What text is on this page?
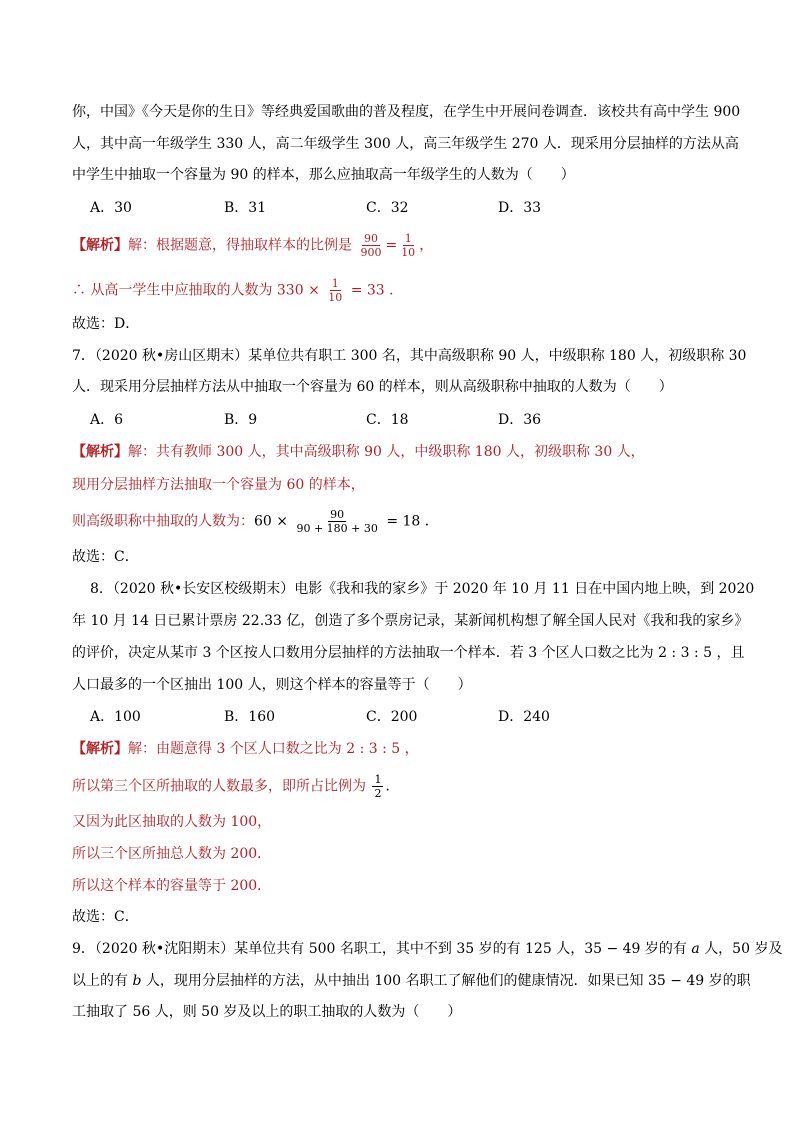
你，中国》《今天是你的生日》等经典爱国歌曲的普及程度，在学生中开展问卷调查．该校共有高中学生 900
人，其中高一年级学生 330 人，高二年级学生 300 人，高三年级学生 270 人．现采用分层抽样的方法从高
中学生中抽取一个容量为 90 的样本，那么应抽取高一年级学生的人数为（　　）
A．30	B．31	C．32	D．33
【解析】解：根据题意，得抽取样本的比例是 $\frac{90}{900} = \frac{1}{10}$ ，
∴ 从高一学生中应抽取的人数为 $330 \times \frac{1}{10} = 33$ ．
故选：D．
7．（2020 秋•房山区期末）某单位共有职工 300 名，其中高级职称 90 人，中级职称 180 人，初级职称 30
人．现采用分层抽样方法从中抽取一个容量为 60 的样本，则从高级职称中抽取的人数为（　　）
A．6	B．9	C．18	D．36
【解析】解：共有教师 300 人，其中高级职称 90 人，中级职称 180 人，初级职称 30 人，
现用分层抽样方法抽取一个容量为 60 的样本，
则高级职称中抽取的人数为：$60 \times \frac{90}{90 + 180 + 30} = 18$ ．
故选：C．
8．（2020 秋•长安区校级期末）电影《我和我的家乡》于 2020 年 10 月 11 日在中国内地上映，到 2020
年 10 月 14 日已累计票房 22.33 亿，创造了多个票房记录，某新闻机构想了解全国人民对《我和我的家乡》
的评价，决定从某市 3 个区按人口数用分层抽样的方法抽取一个样本．若 3 个区人口数之比为 2 : 3 : 5 ，且
人口最多的一个区抽出 100 人，则这个样本的容量等于（　　）
A．100	B．160	C．200	D．240
【解析】解：由题意得 3 个区人口数之比为 2 : 3 : 5 ，
所以第三个区所抽取的人数最多，即所占比例为 $\frac{1}{2}$ ．
又因为此区抽取的人数为 100，
所以三个区所抽总人数为 200．
所以这个样本的容量等于 200．
故选：C．
9．（2020 秋•沈阳期末）某单位共有 500 名职工，其中不到 35 岁的有 125 人，35 − 49 岁的有 a 人，50 岁及
以上的有 b 人，现用分层抽样的方法，从中抽出 100 名职工了解他们的健康情况．如果已知 35 − 49 岁的职
工抽取了 56 人，则 50 岁及以上的职工抽取的人数为（　　）
